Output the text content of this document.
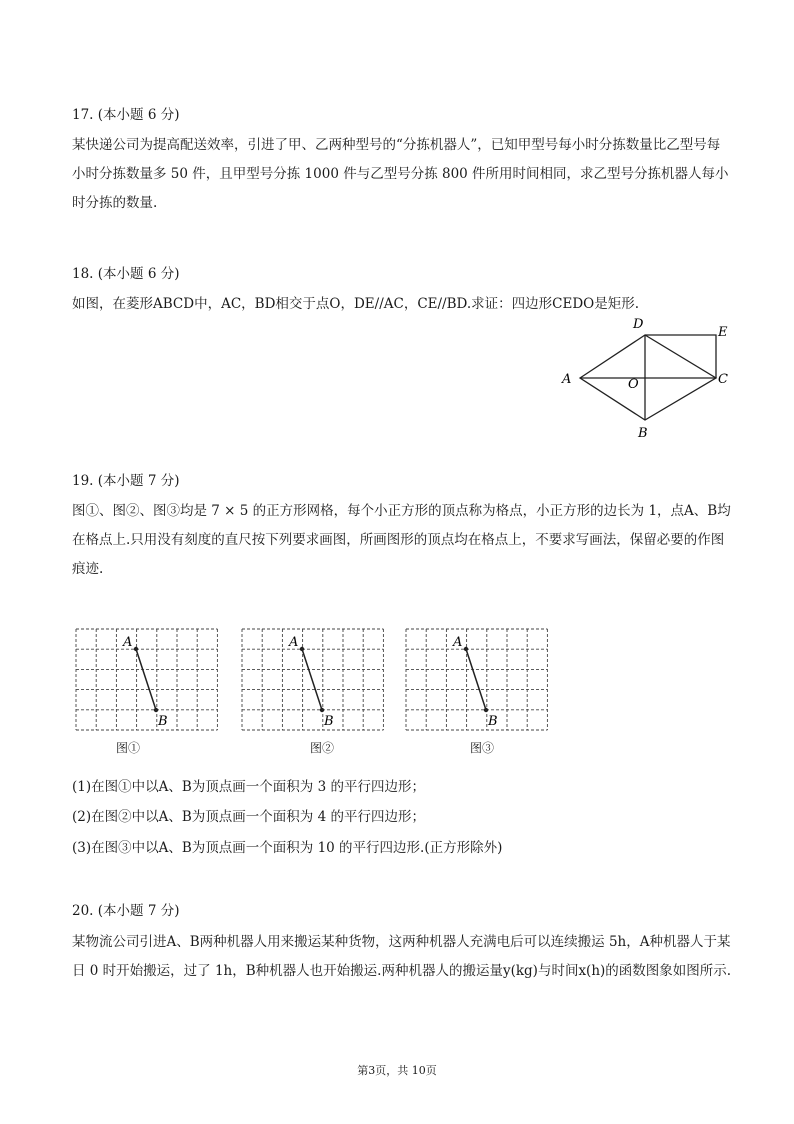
17. (本小题 6 分)
某快递公司为提高配送效率，引进了甲、乙两种型号的“分拣机器人”，已知甲型号每小时分拣数量比乙型号每小时分拣数量多 50 件，且甲型号分拣 1000 件与乙型号分拣 800 件所用时间相同，求乙型号分拣机器人每小时分拣的数量.
18. (本小题 6 分)
如图，在菱形ABCD中，AC，BD相交于点O，DE//AC，CE//BD.求证：四边形CEDO是矩形.
A
B
C
D
E
O
19. (本小题 7 分)
图①、图②、图③均是 7 × 5 的正方形网格，每个小正方形的顶点称为格点，小正方形的边长为 1，点A、B均在格点上.只用没有刻度的直尺按下列要求画图，所画图形的顶点均在格点上，不要求写画法，保留必要的作图痕迹.
A
B
图①
A
B
图②
A
B
图③
(1)在图①中以A、B为顶点画一个面积为 3 的平行四边形；
(2)在图②中以A、B为顶点画一个面积为 4 的平行四边形；
(3)在图③中以A、B为顶点画一个面积为 10 的平行四边形.(正方形除外)
20. (本小题 7 分)
某物流公司引进A、B两种机器人用来搬运某种货物，这两种机器人充满电后可以连续搬运 5h，A种机器人于某日 0 时开始搬运，过了 1h，B种机器人也开始搬运.两种机器人的搬运量y(kg)与时间x(h)的函数图象如图所示.
第3页，共 10页
